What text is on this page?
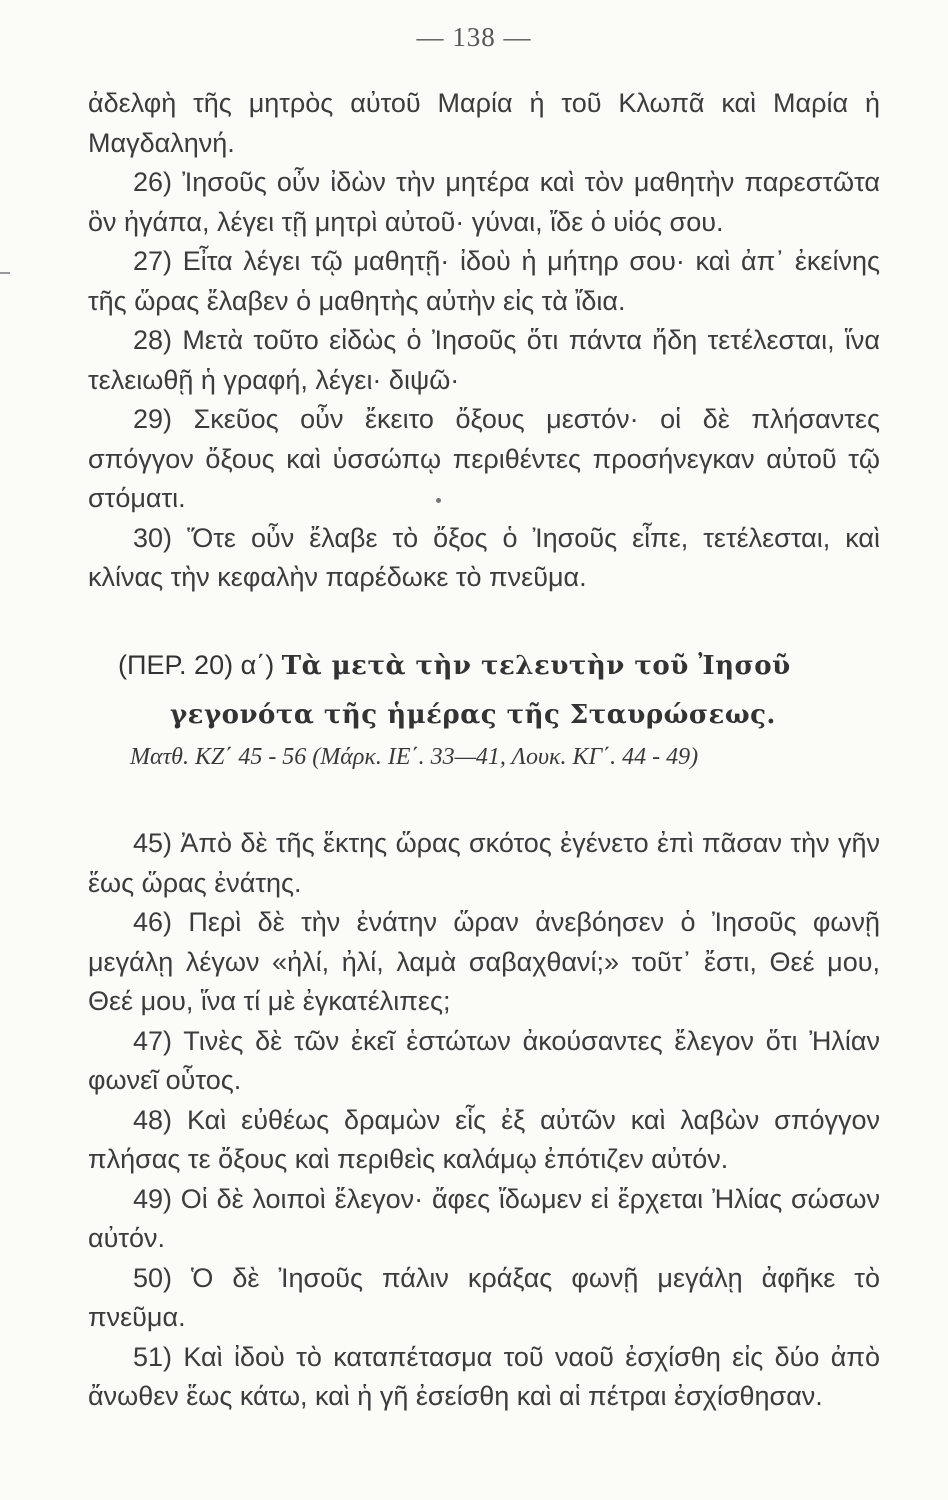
— 138 —

ἀδελφὴ τῆς μητρὸς αὐτοῦ Μαρία ἡ τοῦ Κλωπᾶ καὶ Μαρία ἡ Μαγδαληνή.

26) Ἰησοῦς οὖν ἰδὼν τὴν μητέρα καὶ τὸν μαθητὴν παρεστῶτα ὃν ἠγάπα, λέγει τῇ μητρὶ αὐτοῦ· γύναι, ἴδε ὁ υἱός σου.

27) Εἶτα λέγει τῷ μαθητῇ· ἰδοὺ ἡ μήτηρ σου· καὶ ἀπ᾽ ἐκείνης τῆς ὥρας ἔλαβεν ὁ μαθητὴς αὐτὴν εἰς τὰ ἴδια.

28) Μετὰ τοῦτο εἰδὼς ὁ Ἰησοῦς ὅτι πάντα ἤδη τετέλεσται, ἵνα τελειωθῇ ἡ γραφή, λέγει· διψῶ·

29) Σκεῦος οὖν ἔκειτο ὄξους μεστόν· οἱ δὲ πλήσαντες σπόγγον ὄξους καὶ ὑσσώπῳ περιθέντες προσήνεγκαν αὐτοῦ τῷ στόματι.

30) Ὅτε οὖν ἔλαβε τὸ ὄξος ὁ Ἰησοῦς εἶπε, τετέλεσται, καὶ κλίνας τὴν κεφαλὴν παρέδωκε τὸ πνεῦμα.

(ΠΕΡ. 20) α΄) Τὰ μετὰ τὴν τελευτὴν τοῦ Ἰησοῦ
γεγονότα τῆς ἡμέρας τῆς Σταυρώσεως.
Ματθ. ΚΖ΄ 45 - 56 (Μάρκ. ΙΕ΄. 33—41, Λουκ. ΚΓ΄. 44 - 49)

45) Ἀπὸ δὲ τῆς ἕκτης ὥρας σκότος ἐγένετο ἐπὶ πᾶσαν τὴν γῆν ἕως ὥρας ἐνάτης.

46) Περὶ δὲ τὴν ἐνάτην ὥραν ἀνεβόησεν ὁ Ἰησοῦς φωνῇ μεγάλῃ λέγων «ἠλί, ἠλί, λαμὰ σαβαχθανί;» τοῦτ᾽ ἔστι, Θεέ μου, Θεέ μου, ἵνα τί μὲ ἐγκατέλιπες;

47) Τινὲς δὲ τῶν ἐκεῖ ἑστώτων ἀκούσαντες ἔλεγον ὅτι Ἠλίαν φωνεῖ οὗτος.

48) Καὶ εὐθέως δραμὼν εἷς ἐξ αὐτῶν καὶ λαβὼν σπόγγον πλήσας τε ὄξους καὶ περιθεὶς καλάμῳ ἐπότιζεν αὐτόν.

49) Οἱ δὲ λοιποὶ ἔλεγον· ἄφες ἴδωμεν εἰ ἔρχεται Ἠλίας σώσων αὐτόν.

50) Ὁ δὲ Ἰησοῦς πάλιν κράξας φωνῇ μεγάλῃ ἀφῆκε τὸ πνεῦμα.

51) Καὶ ἰδοὺ τὸ καταπέτασμα τοῦ ναοῦ ἐσχίσθη εἰς δύο ἀπὸ ἄνωθεν ἕως κάτω, καὶ ἡ γῆ ἐσείσθη καὶ αἱ πέτραι ἐσχίσθησαν.
